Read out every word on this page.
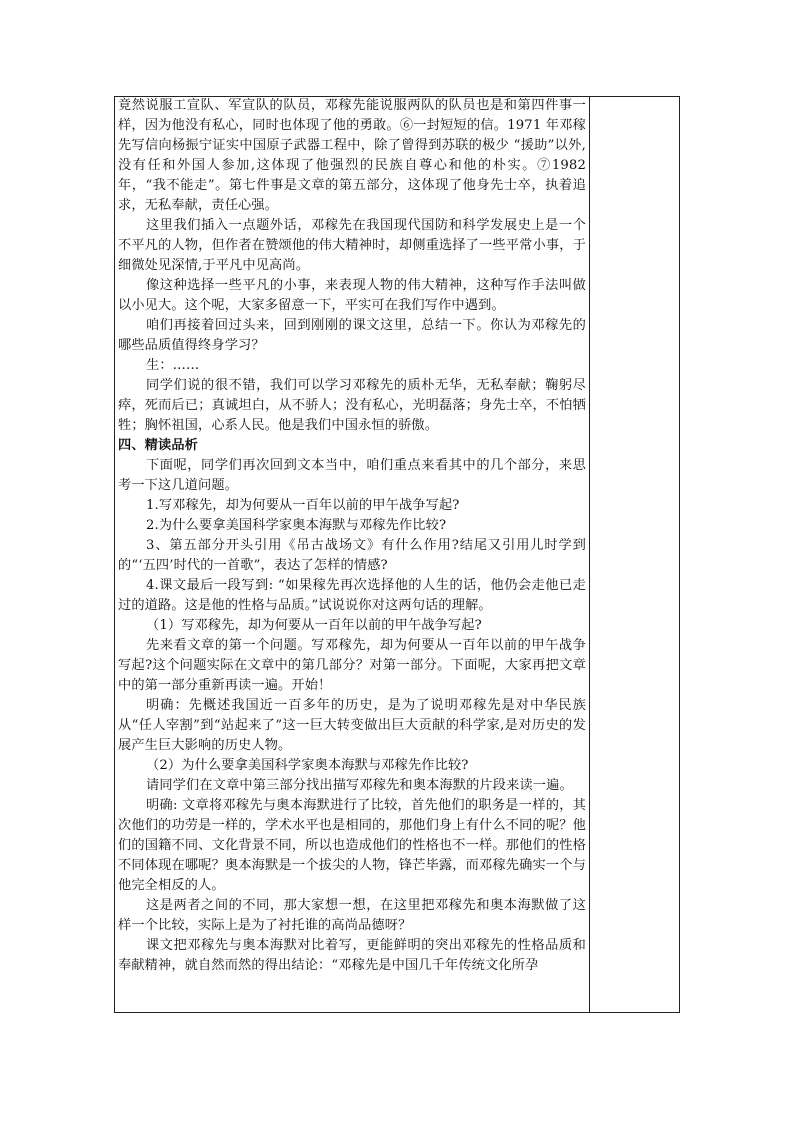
竟然说服工宣队、军宣队的队员，邓稼先能说服两队的队员也是和第四件事一样，因为他没有私心，同时也体现了他的勇敢。⑥一封短短的信。1971 年邓稼先写信向杨振宁证实中国原子武器工程中，除了曾得到苏联的极少 “援助”以外,没有任和外国人参加,这体现了他强烈的民族自尊心和他的朴实。⑦1982 年，“我不能走”。第七件事是文章的第五部分，这体现了他身先士卒，执着追求，无私奉献，责任心强。

这里我们插入一点题外话，邓稼先在我国现代国防和科学发展史上是一个不平凡的人物，但作者在赞颂他的伟大精神时，却侧重选择了一些平常小事，于细微处见深情,于平凡中见高尚。

像这种选择一些平凡的小事，来表现人物的伟大精神，这种写作手法叫做以小见大。这个呢，大家多留意一下，平实可在我们写作中遇到。

咱们再接着回过头来，回到刚刚的课文这里，总结一下。你认为邓稼先的哪些品质值得终身学习？

生：……

同学们说的很不错，我们可以学习邓稼先的质朴无华，无私奉献；鞠躬尽瘁，死而后已；真诚坦白，从不骄人；没有私心，光明磊落；身先士卒，不怕牺牲；胸怀祖国，心系人民。他是我们中国永恒的骄傲。

四、精读品析

下面呢，同学们再次回到文本当中，咱们重点来看其中的几个部分，来思考一下这几道问题。

1.写邓稼先，却为何要从一百年以前的甲午战争写起?

2.为什么要拿美国科学家奥本海默与邓稼先作比较?

3、第五部分开头引用《吊古战场文》有什么作用?结尾又引用儿时学到的“‘五四’时代的一首歌”，表达了怎样的情感?

4.课文最后一段写到: “如果稼先再次选择他的人生的话，他仍会走他已走过的道路。这是他的性格与品质。”试说说你对这两句话的理解。

（1）写邓稼先，却为何要从一百年以前的甲午战争写起?

先来看文章的第一个问题。写邓稼先，却为何要从一百年以前的甲午战争写起?这个问题实际在文章中的第几部分？对第一部分。下面呢，大家再把文章中的第一部分重新再读一遍。开始！

明确：先概述我国近一百多年的历史，是为了说明邓稼先是对中华民族从“任人宰割”到“站起来了”这一巨大转变做出巨大贡献的科学家,是对历史的发展产生巨大影响的历史人物。

（2）为什么要拿美国科学家奥本海默与邓稼先作比较?

请同学们在文章中第三部分找出描写邓稼先和奥本海默的片段来读一遍。

明确: 文章将邓稼先与奥本海默进行了比较，首先他们的职务是一样的，其次他们的功劳是一样的，学术水平也是相同的，那他们身上有什么不同的呢？他们的国籍不同、文化背景不同，所以也造成他们的性格也不一样。那他们的性格不同体现在哪呢？奥本海默是一个拔尖的人物，锋芒毕露，而邓稼先确实一个与他完全相反的人。

这是两者之间的不同，那大家想一想，在这里把邓稼先和奥本海默做了这样一个比较，实际上是为了衬托谁的高尚品德呀？

课文把邓稼先与奥本海默对比着写，更能鲜明的突出邓稼先的性格品质和奉献精神，就自然而然的得出结论：“邓稼先是中国几千年传统文化所孕
